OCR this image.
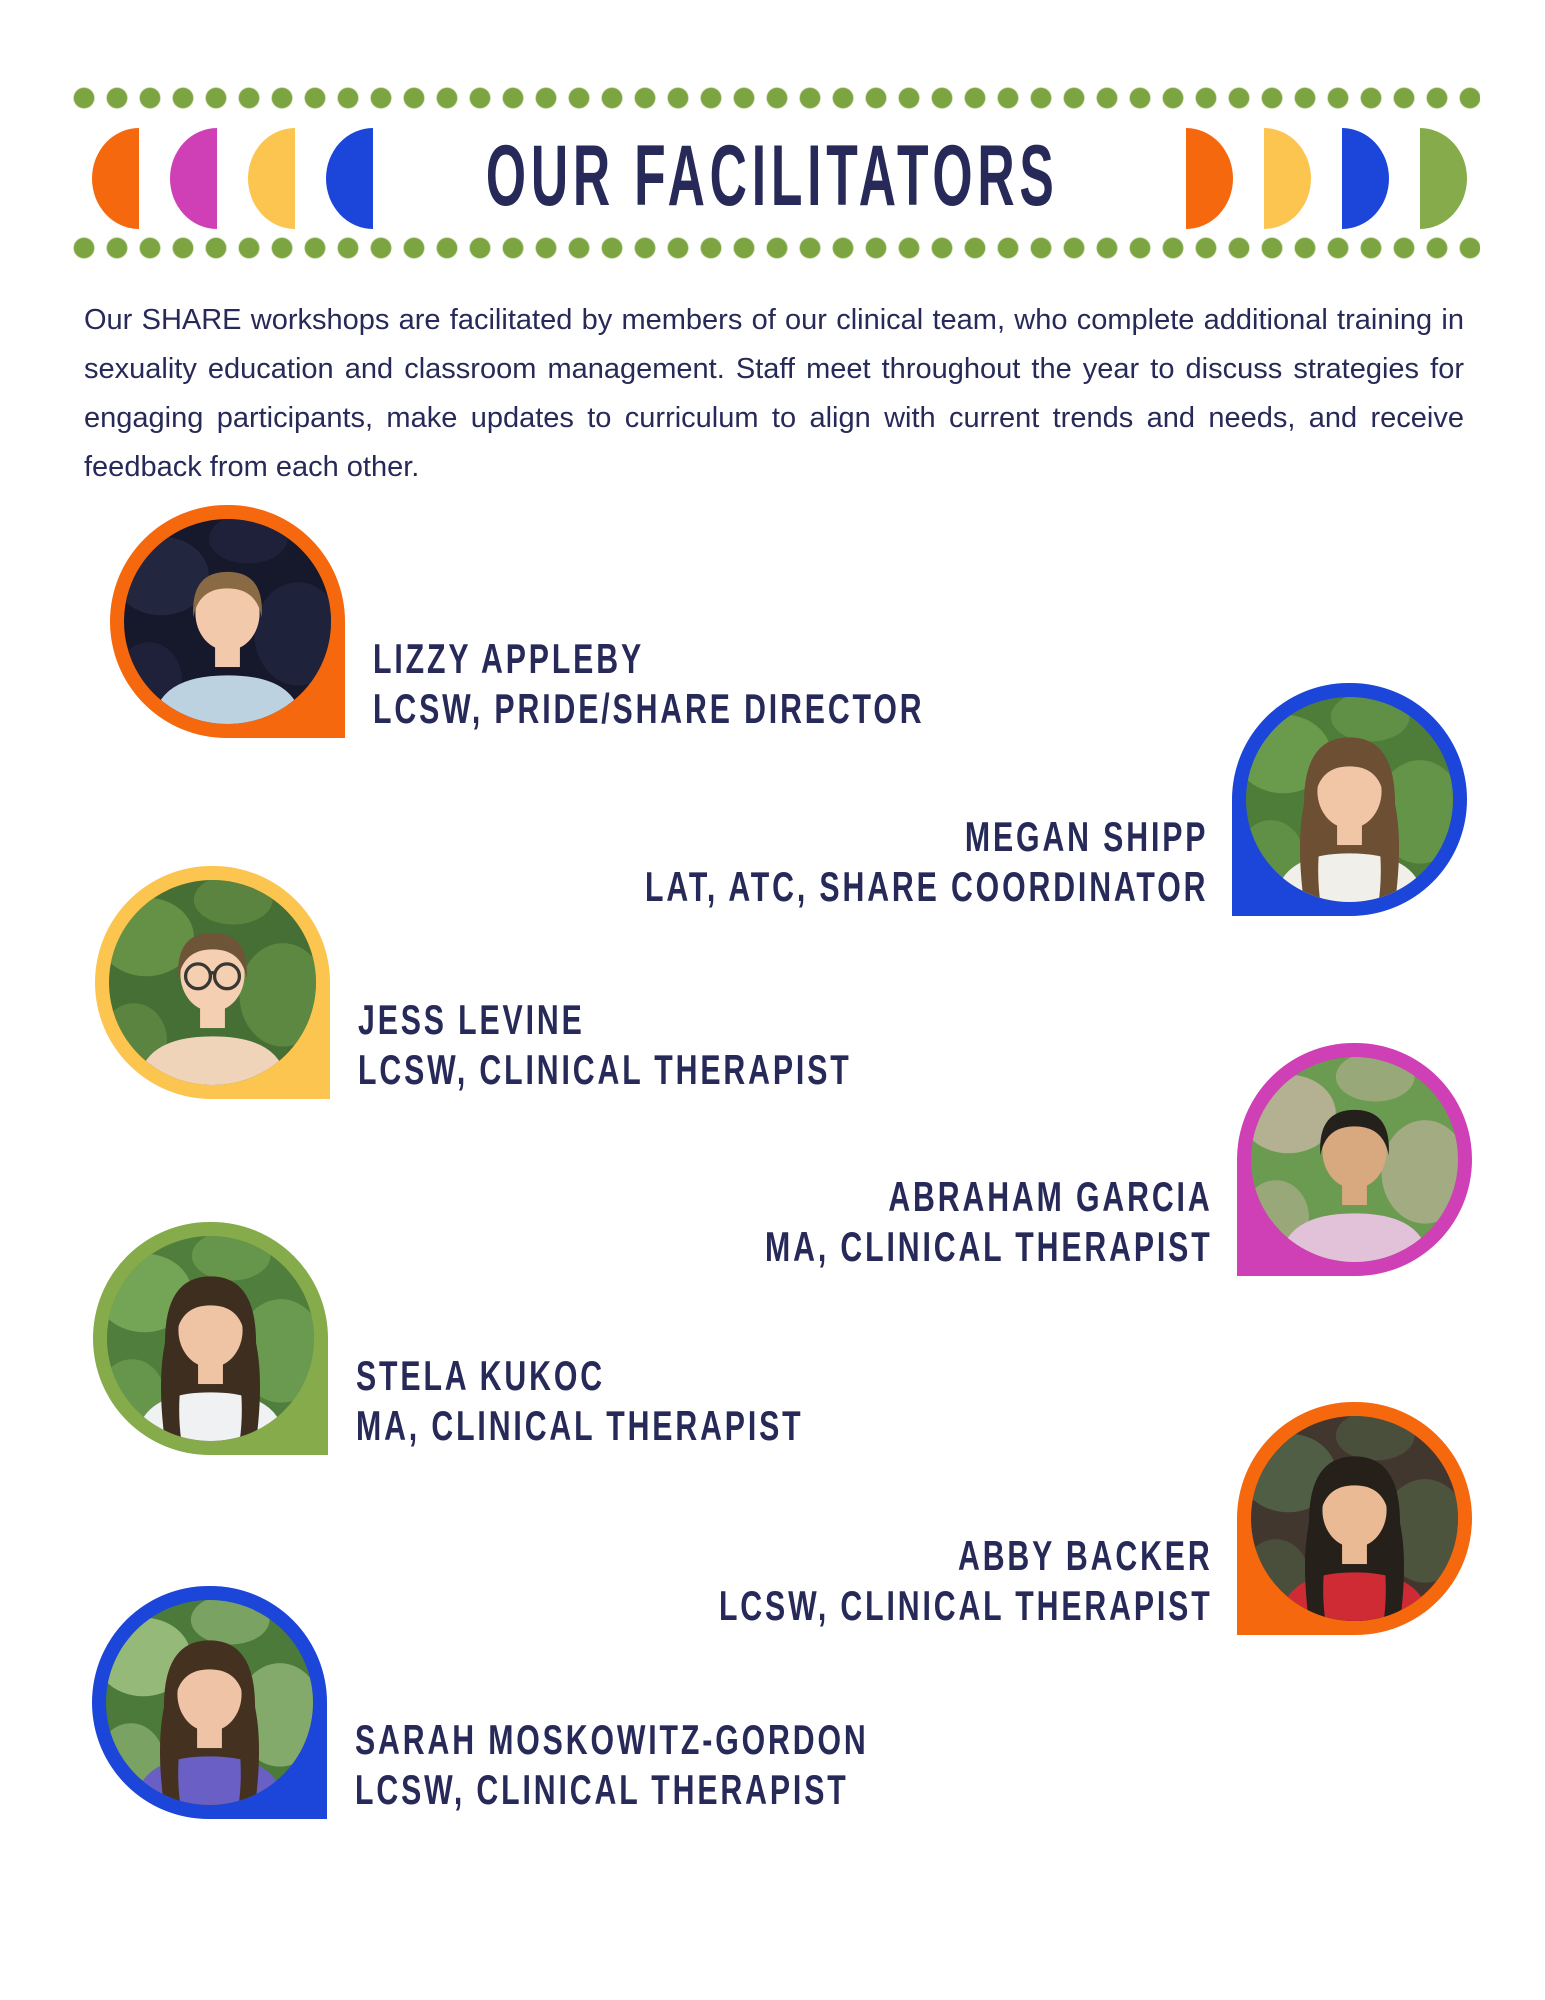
OUR FACILITATORS

Our SHARE workshops are facilitated by members of our clinical team, who complete additional training in sexuality education and classroom management. Staff meet throughout the year to discuss strategies for engaging participants, make updates to curriculum to align with current trends and needs, and receive feedback from each other.

LIZZY APPLEBY
LCSW, PRIDE/SHARE DIRECTOR
MEGAN SHIPP
LAT, ATC, SHARE COORDINATOR
JESS LEVINE
LCSW, CLINICAL THERAPIST
ABRAHAM GARCIA
MA, CLINICAL THERAPIST
STELA KUKOC
MA, CLINICAL THERAPIST
ABBY BACKER
LCSW, CLINICAL THERAPIST
SARAH MOSKOWITZ-GORDON
LCSW, CLINICAL THERAPIST
